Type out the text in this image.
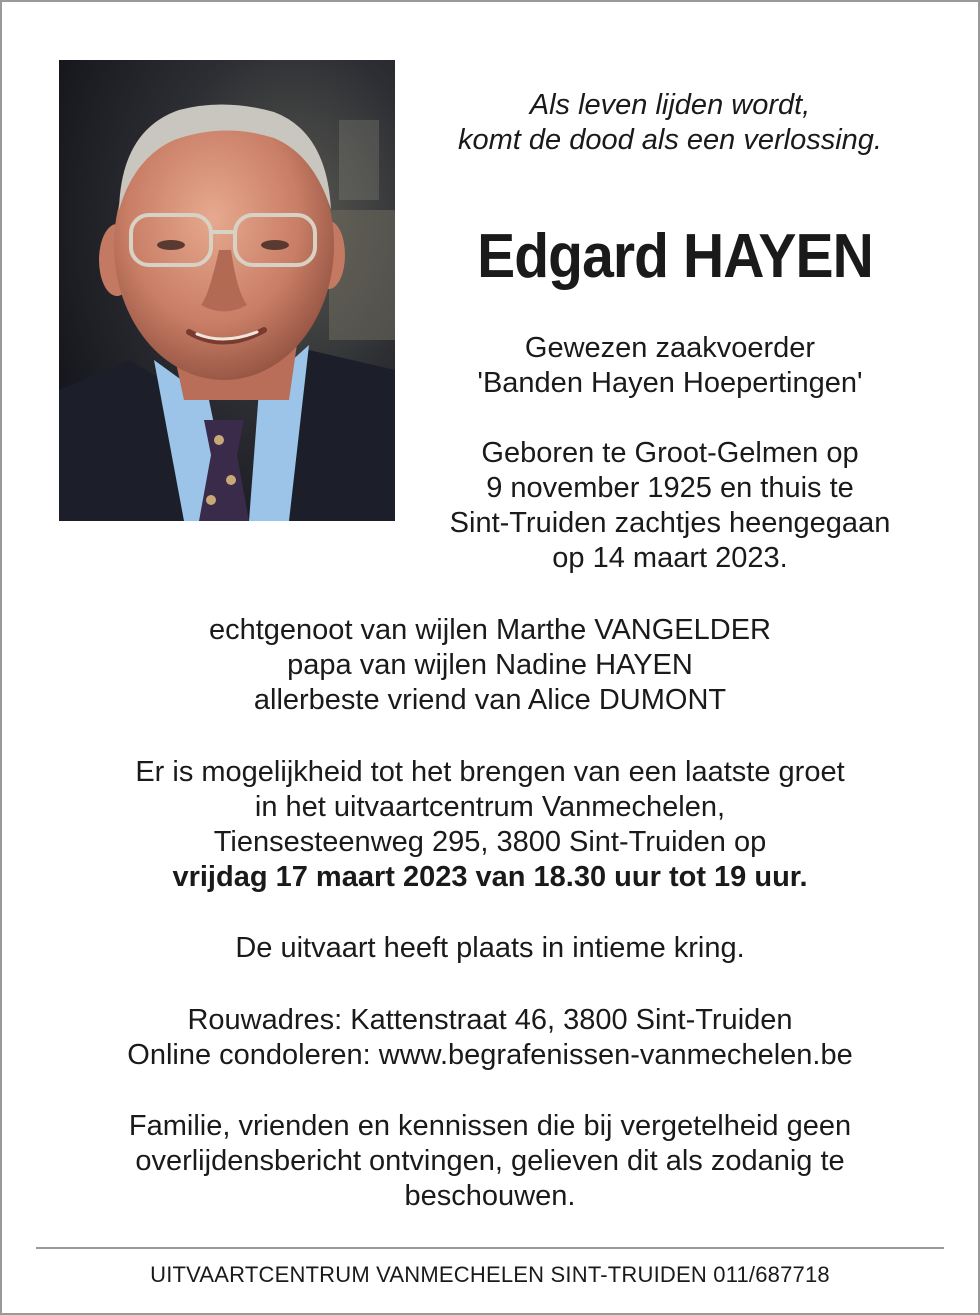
Als leven lijden wordt,
komt de dood als een verlossing.
Edgard HAYEN
Gewezen zaakvoerder
'Banden Hayen Hoepertingen'
Geboren te Groot-Gelmen op
9 november 1925 en thuis te
Sint-Truiden zachtjes heengegaan
op 14 maart 2023.
echtgenoot van wijlen Marthe VANGELDER
papa van wijlen Nadine HAYEN
allerbeste vriend van Alice DUMONT
Er is mogelijkheid tot het brengen van een laatste groet
in het uitvaartcentrum Vanmechelen,
Tiensesteenweg 295, 3800 Sint-Truiden op
vrijdag 17 maart 2023 van 18.30 uur tot 19 uur.
De uitvaart heeft plaats in intieme kring.
Rouwadres: Kattenstraat 46, 3800 Sint-Truiden
Online condoleren: www.begrafenissen-vanmechelen.be
Familie, vrienden en kennissen die bij vergetelheid geen
overlijdensbericht ontvingen, gelieven dit als zodanig te
beschouwen.
UITVAARTCENTRUM VANMECHELEN SINT-TRUIDEN 011/687718
